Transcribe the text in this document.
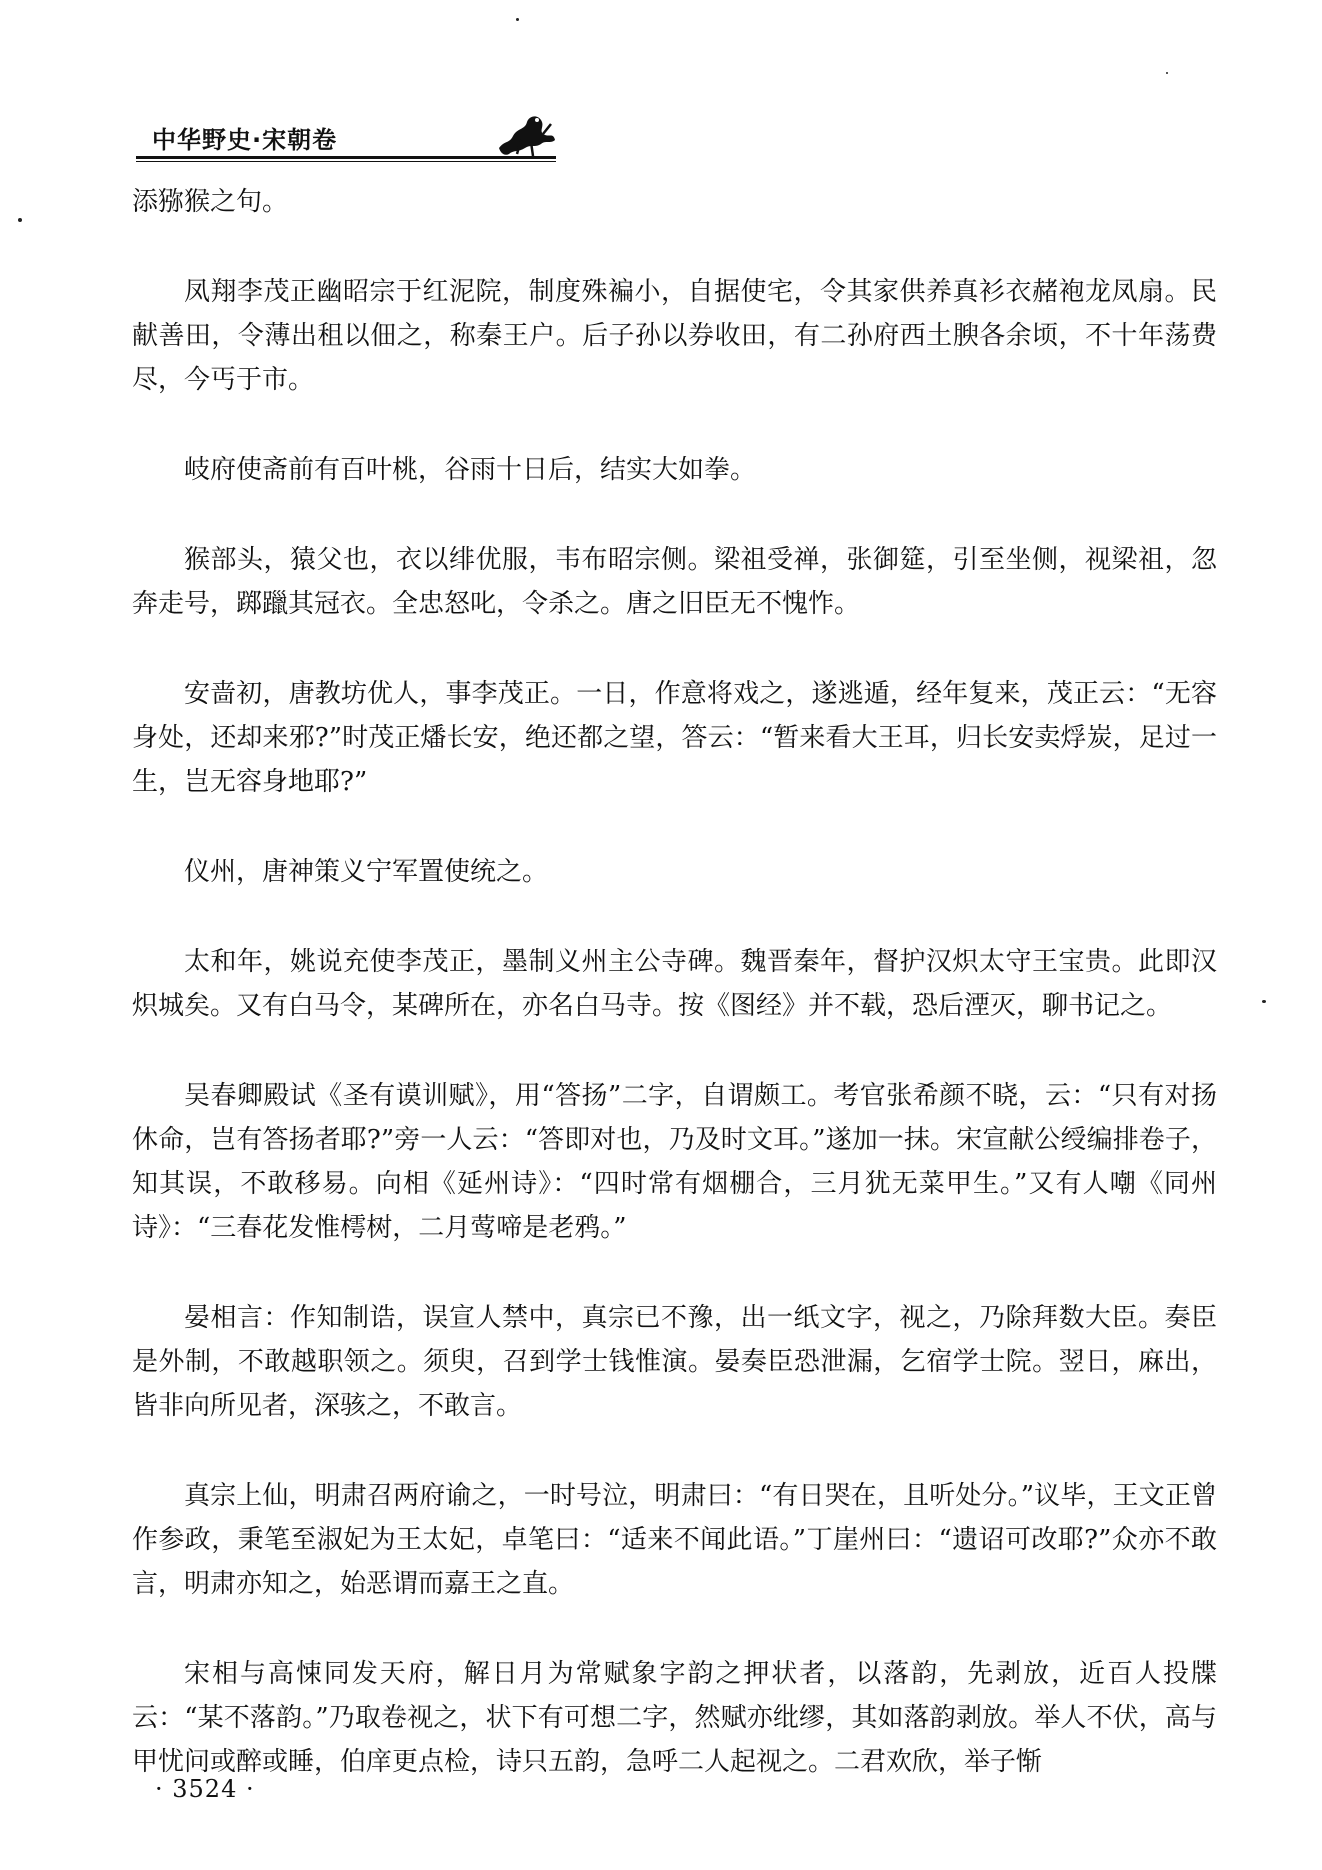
中华野史·宋朝卷

添猕猴之句。

凤翔李茂正幽昭宗于红泥院，制度殊褊小，自据使宅，令其家供养真衫衣赭袍龙凤扇。民献善田，令薄出租以佃之，称秦王户。后子孙以券收田，有二孙府西土腴各余顷，不十年荡费尽，今丐于市。

岐府使斋前有百叶桃，谷雨十日后，结实大如拳。

猴部头，猿父也，衣以绯优服，韦布昭宗侧。梁祖受禅，张御筵，引至坐侧，视梁祖，忽奔走号，踯躐其冠衣。全忠怒叱，令杀之。唐之旧臣无不愧怍。

安啬初，唐教坊优人，事李茂正。一日，作意将戏之，遂逃遁，经年复来，茂正云：“无容身处，还却来邪?”时茂正燔长安，绝还都之望，答云：“暂来看大王耳，归长安卖烰炭，足过一生，岂无容身地耶?”

仪州，唐神策义宁军置使统之。

太和年，姚说充使李茂正，墨制义州主公寺碑。魏晋秦年，督护汉炽太守王宝贵。此即汉炽城矣。又有白马令，某碑所在，亦名白马寺。按《图经》并不载，恐后湮灭，聊书记之。

吴春卿殿试《圣有谟训赋》，用“答扬”二字，自谓颇工。考官张希颜不晓，云：“只有对扬休命，岂有答扬者耶?”旁一人云：“答即对也，乃及时文耳。”遂加一抹。宋宣献公绶编排卷子，知其误，不敢移易。向相《延州诗》：“四时常有烟棚合，三月犹无菜甲生。”又有人嘲《同州诗》：“三春花发惟樗树，二月莺啼是老鸦。”

晏相言：作知制诰，误宣人禁中，真宗已不豫，出一纸文字，视之，乃除拜数大臣。奏臣是外制，不敢越职领之。须臾，召到学士钱惟演。晏奏臣恐泄漏，乞宿学士院。翌日，麻出，皆非向所见者，深骇之，不敢言。

真宗上仙，明肃召两府谕之，一时号泣，明肃曰：“有日哭在，且听处分。”议毕，王文正曾作参政，秉笔至淑妃为王太妃，卓笔曰：“适来不闻此语。”丁崖州曰：“遗诏可改耶?”众亦不敢言，明肃亦知之，始恶谓而嘉王之直。

宋相与高悚同发天府，解日月为常赋象字韵之押状者，以落韵，先剥放，近百人投牒云：“某不落韵。”乃取卷视之，状下有可想二字，然赋亦纰缪，其如落韵剥放。举人不伏，高与甲忧问或醉或睡，伯庠更点检，诗只五韵，急呼二人起视之。二君欢欣，举子惭

· 3524 ·
